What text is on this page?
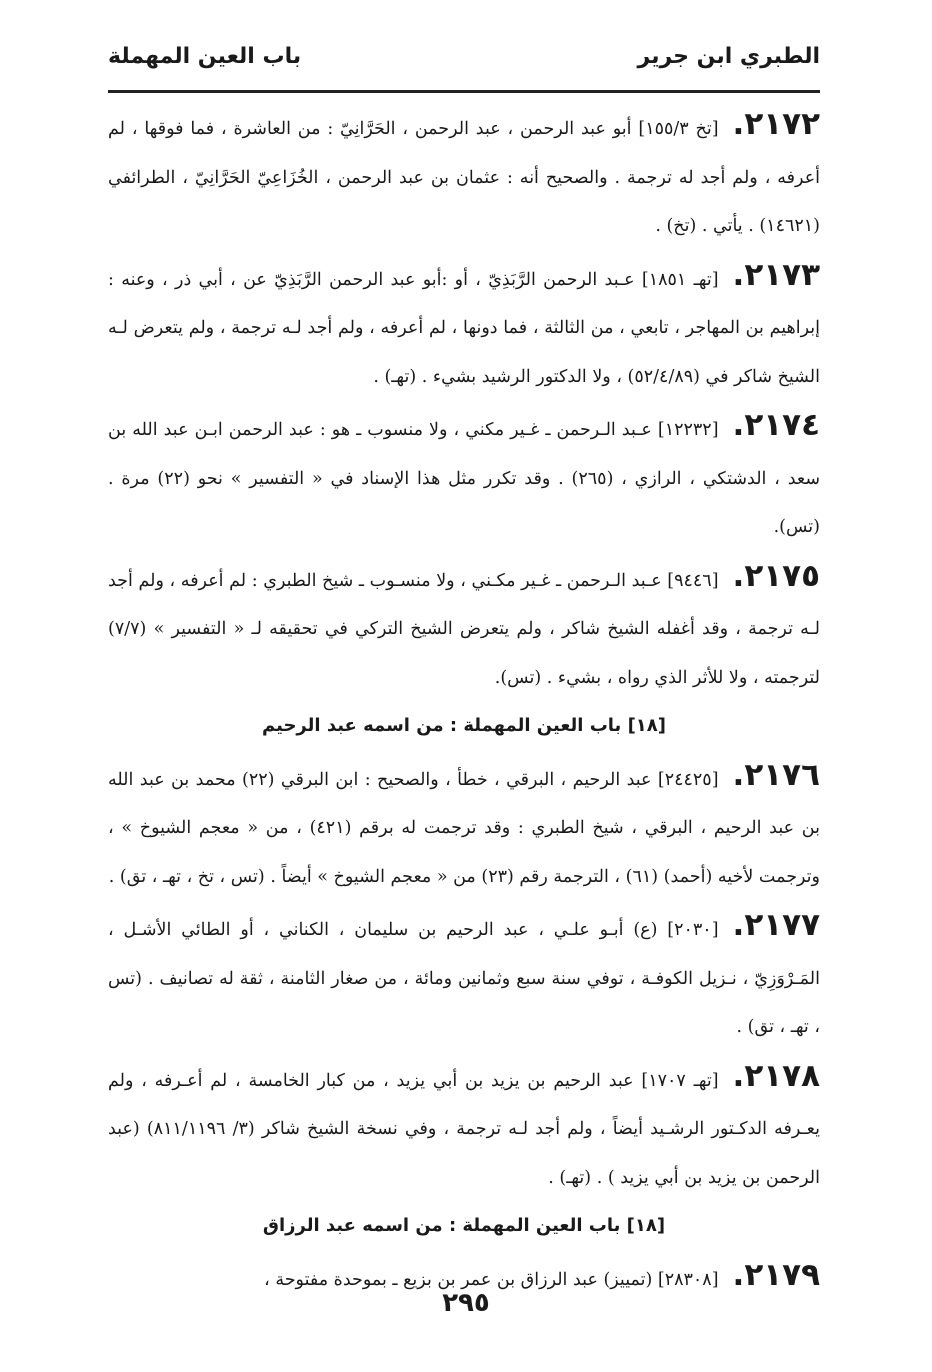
الطبري ابن جرير
باب العين المهملة

٢١٧٢.[تخ ١٥٥/٣] أبو عبد الرحمن ، عبد الرحمن ، الحَرَّانِيّ : من العاشرة ، فما فوقها ، لم أعرفه ، ولم أجد له ترجمة . والصحيح أنه : عثمان بن عبد الرحمن ، الخُزَاعِيّ الحَرَّانِيّ ، الطرائفي (١٤٦٢١) . يأتي . (تخ) .

٢١٧٣.[تهـ ١٨٥١] عـبد الرحمن الرَّبَذِيّ ، أو :أبو عبد الرحمن الرَّبَذِيّ عن ، أبي ذر ، وعنه : إبراهيم بن المهاجر ، تابعي ، من الثالثة ، فما دونها ، لم أعرفه ، ولم أجد لـه ترجمة ، ولم يتعرض لـه الشيخ شاكر في (٥٢/٤/٨٩) ، ولا الدكتور الرشيد بشيء . (تهـ) .

٢١٧٤.[١٢٢٣٢] عـبد الـرحمن ـ غـير مكني ، ولا منسوب ـ هو : عبد الرحمن ابـن عبد الله بن سعد ، الدشتكي ، الرازي ، (٢٦٥) . وقد تكرر مثل هذا الإسناد في « التفسير » نحو (٢٢) مرة . (تس).

٢١٧٥.[٩٤٤٦] عـبد الـرحمن ـ غـير مكـني ، ولا منسـوب ـ شيخ الطبري : لم أعرفه ، ولم أجد لـه ترجمة ، وقد أغفله الشيخ شاكر ، ولم يتعرض الشيخ التركي في تحقيقه لـ « التفسير » (٧/٧) لترجمته ، ولا للأثر الذي رواه ، بشيء . (تس).

[١٨] باب العين المهملة : من اسمه عبد الرحيم

٢١٧٦.[٢٤٤٢٥] عبد الرحيم ، البرقي ، خطأ ، والصحيح : ابن البرقي (٢٢) محمد بن عبد الله بن عبد الرحيم ، البرقي ، شيخ الطبري : وقد ترجمت له برقم (٤٢١) ، من « معجم الشيوخ » ، وترجمت لأخيه (أحمد) (٦١) ، الترجمة رقم (٢٣) من « معجم الشيوخ » أيضاً . (تس ، تخ ، تهـ ، تق) .

٢١٧٧.[٢٠٣٠] (ع) أبـو علـي ، عبد الرحيم بن سليمان ، الكناني ، أو الطائي الأشـل ، المَـرْوَزِيّ ، نـزيل الكوفـة ، توفي سنة سبع وثمانين ومائة ، من صغار الثامنة ، ثقة له تصانيف . (تس ، تهـ ، تق) .

٢١٧٨.[تهـ ١٧٠٧] عبد الرحيم بن يزيد بن أبي يزيد ، من كبار الخامسة ، لم أعـرفه ، ولم يعـرفه الدكـتور الرشـيد أيضاً ، ولم أجد لـه ترجمة ، وفي نسخة الشيخ شاكر (٣/ ٨١١/١١٩٦) (عبد الرحمن بن يزيد بن أبي يزيد ) . (تهـ) .

[١٨] باب العين المهملة : من اسمه عبد الرزاق

٢١٧٩.[٢٨٣٠٨] (تمييز) عبد الرزاق بن عمر بن بزيع ـ بموحدة مفتوحة ،

٢٩٥
